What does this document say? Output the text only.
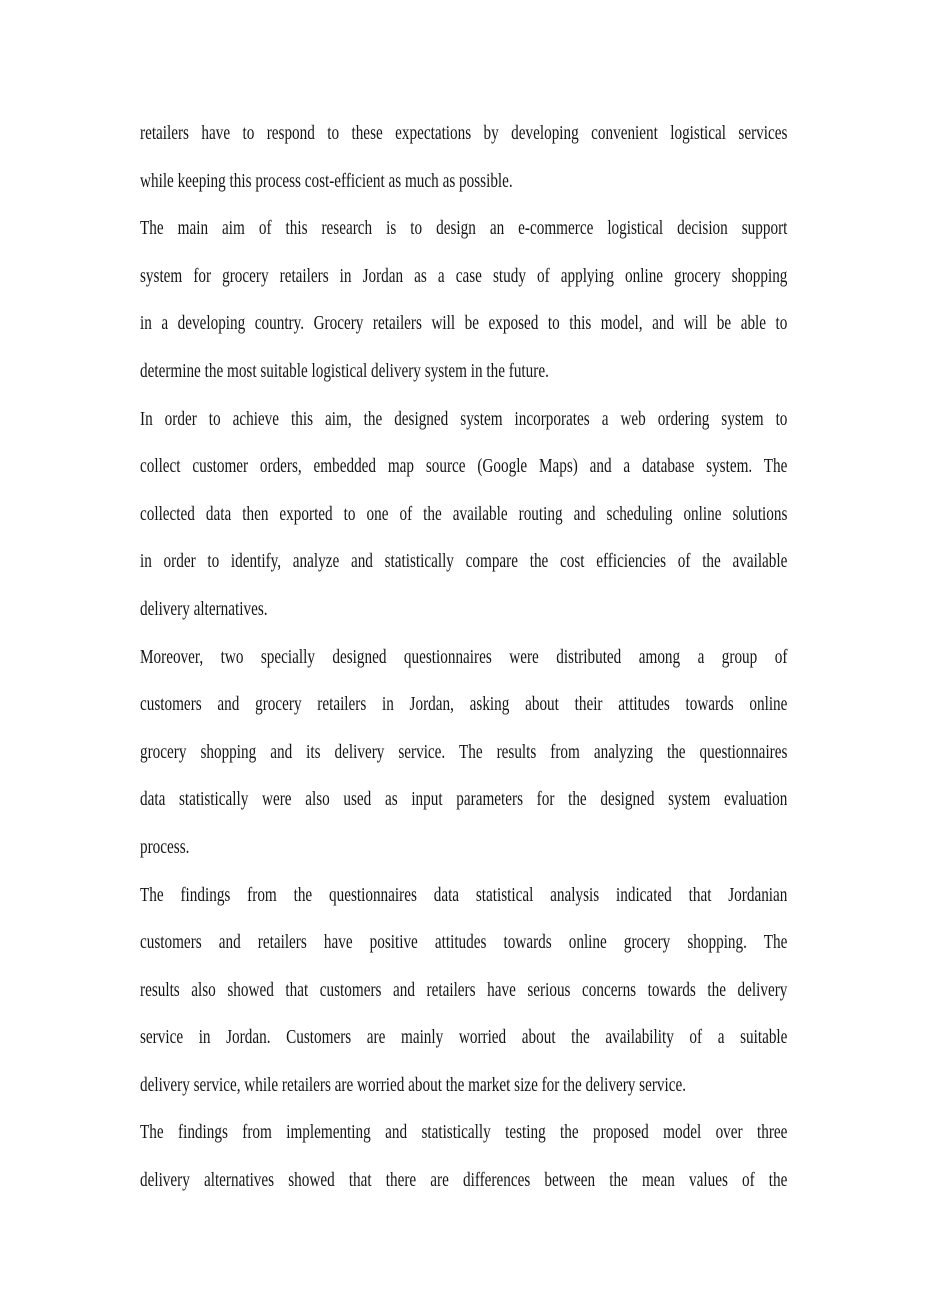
retailers have to respond to these expectations by developing convenient logistical services
while keeping this process cost-efficient as much as possible.
The main aim of this research is to design an e-commerce logistical decision support
system for grocery retailers in Jordan as a case study of applying online grocery shopping
in a developing country. Grocery retailers will be exposed to this model, and will be able to
determine the most suitable logistical delivery system in the future.
In order to achieve this aim, the designed system incorporates a web ordering system to
collect customer orders, embedded map source (Google Maps) and a database system. The
collected data then exported to one of the available routing and scheduling online solutions
in order to identify, analyze and statistically compare the cost efficiencies of the available
delivery alternatives.
Moreover, two specially designed questionnaires were distributed among a group of
customers and grocery retailers in Jordan, asking about their attitudes towards online
grocery shopping and its delivery service. The results from analyzing the questionnaires
data statistically were also used as input parameters for the designed system evaluation
process.
The findings from the questionnaires data statistical analysis indicated that Jordanian
customers and retailers have positive attitudes towards online grocery shopping. The
results also showed that customers and retailers have serious concerns towards the delivery
service in Jordan. Customers are mainly worried about the availability of a suitable
delivery service, while retailers are worried about the market size for the delivery service.
The findings from implementing and statistically testing the proposed model over three
delivery alternatives showed that there are differences between the mean values of the
